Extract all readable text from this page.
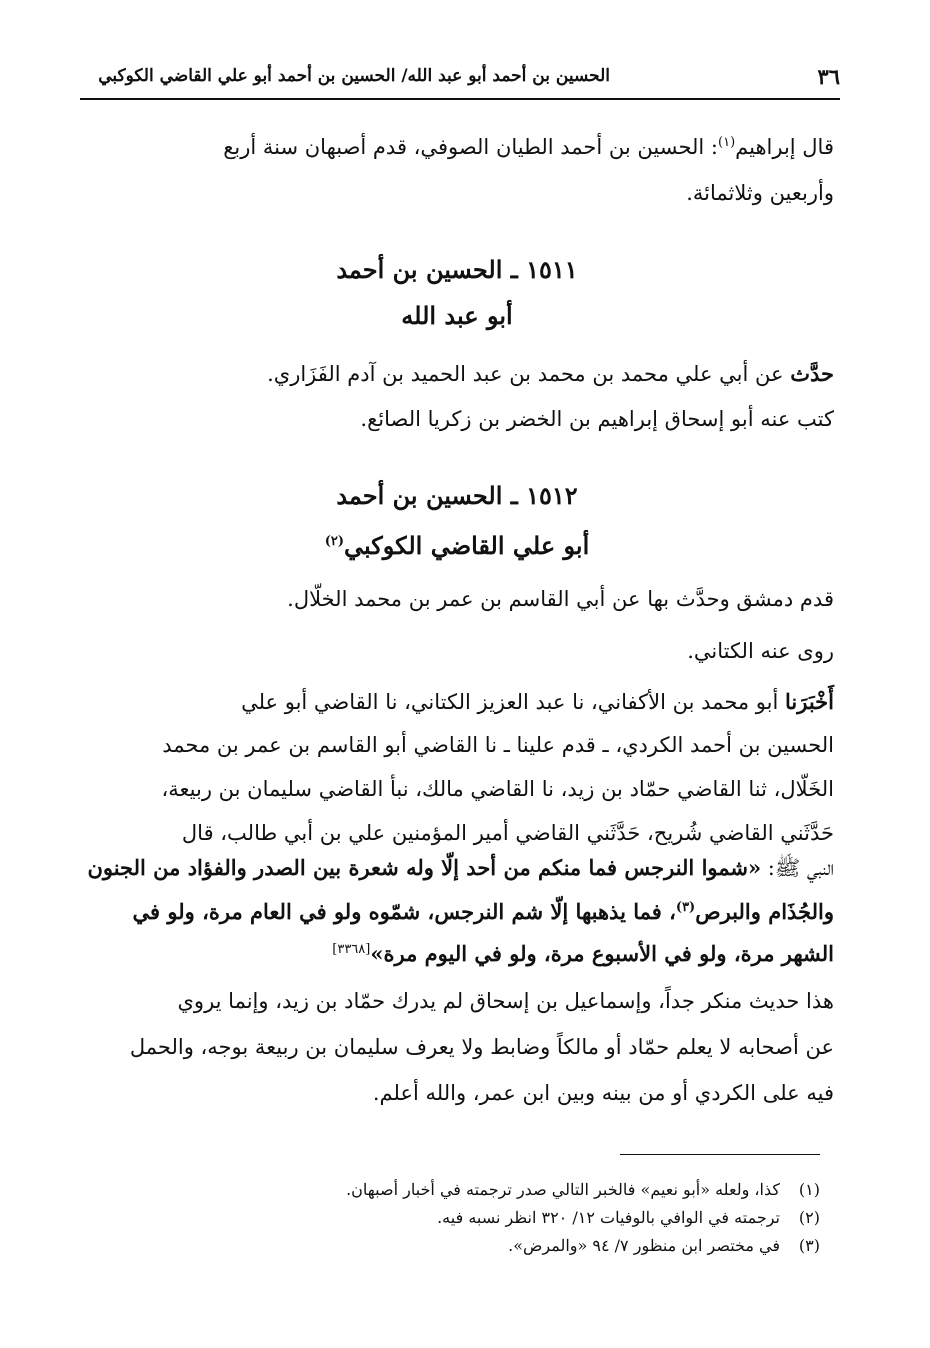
٣٦
الحسين بن أحمد أبو عبد الله/ الحسين بن أحمد أبو علي القاضي الكوكبي
قال إبراهيم$^{(١)}$: الحسين بن أحمد الطيان الصوفي، قدم أصبهان سنة أربع
وأربعين وثلاثمائة.
١٥١١ ـ الحسين بن أحمد
أبو عبد الله
حدَّث عن أبي علي محمد بن محمد بن عبد الحميد بن آدم الفَزَاري.
كتب عنه أبو إسحاق إبراهيم بن الخضر بن زكريا الصائع.
١٥١٢ ـ الحسين بن أحمد
أبو علي القاضي الكوكبي$^{(٢)}$
قدم دمشق وحدَّث بها عن أبي القاسم بن عمر بن محمد الخلّال.
روى عنه الكتاني.
أَخْبَرَنا أبو محمد بن الأكفاني، نا عبد العزيز الكتاني، نا القاضي أبو علي
الحسين بن أحمد الكردي، ـ قدم علينا ـ نا القاضي أبو القاسم بن عمر بن محمد
الخَلّال، ثنا القاضي حمّاد بن زيد، نا القاضي مالك، نبأ القاضي سليمان بن ربيعة،
حَدَّثَني القاضي شُريح، حَدَّثَني القاضي أمير المؤمنين علي بن أبي طالب، قال
النبي ﷺ: «شموا النرجس فما منكم من أحد إلّا وله شعرة بين الصدر والفؤاد من الجنون
والجُذَام والبرص$^{(٣)}$، فما يذهبها إلّا شم النرجس، شمّوه ولو في العام مرة، ولو في
الشهر مرة، ولو في الأسبوع مرة، ولو في اليوم مرة»[٣٣٦٨]
هذا حديث منكر جداً، وإسماعيل بن إسحاق لم يدرك حمّاد بن زيد، وإنما يروي
عن أصحابه لا يعلم حمّاد أو مالكاً وضابط ولا يعرف سليمان بن ربيعة بوجه، والحمل
فيه على الكردي أو من بينه وبين ابن عمر، والله أعلم.
(١)كذا، ولعله «أبو نعيم» فالخبر التالي صدر ترجمته في أخبار أصبهان.
(٢)ترجمته في الوافي بالوفيات ١٢/ ٣٢٠ انظر نسبه فيه.
(٣)في مختصر ابن منظور ٧/ ٩٤ «والمرض».
